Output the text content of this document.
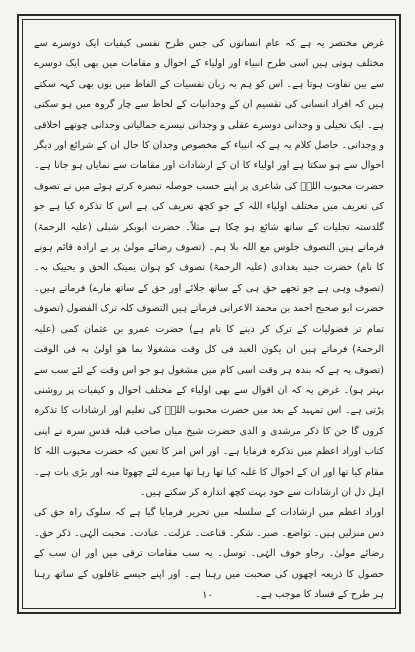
غرض مختصر یہ ہے کہ عام انسانوں کی جس طرح نفسی کیفیات ایک دوسرے سے مختلف ہوتی ہیں اسی طرح انبیاء اور اولیاء کے احوال و مقامات میں بھی ایک دوسرے سے بین تفاوت ہوتا ہے۔ اس کو ہم بہ زبان نفسیات کے الفاظ میں یوں بھی کہہ سکتے ہیں کہ افراد انسانی کی تقسیم ان کے وجدانیات کے لحاظ سے چار گروہ میں ہو سکتی ہے۔ ایک تخیلی و وجدانی دوسرے عقلی و وجدانی تیسرے جمالیاتی وجدانی چوتھے اخلاقی و وجدانی۔ حاصل کلام یہ ہے کہ انبیاء کے مخصوص وجدان کا حال ان کے شرائع اور دیگر احوال سے ہو سکتا ہے اور اولیاء کا ان کے ارشادات اور مقامات سے نمایاں ہو جاتا ہے۔ حضرت محبوب اللہؒ کی شاعری پر اپنے حسب حوصلہ تبصرہ کرتے ہوئے میں نے تصوف کی تعریف میں مختلف اولیاء اللہ کے جو کچھ تعریف کی ہے اس کا تذکرہ کیا ہے جو گلدستہ تجلیات کے ساتھ شائع ہو چکا ہے مثلاً۔ حضرت ابوبکر شبلی (علیہ الرحمۃ) فرماتے ہیں التصوف جلوس مع اللہ بلا ہم۔ (تصوف رضائے مولیٰ پر بے ارادہ قائم ہونے کا نام) حضرت جنید بغدادی (علیہ الرحمۃ) تصوف کو ہوان یمیتک الحق و یحییک بہ۔ (تصوف وہی ہے جو تجھے حق ہی کے ساتھ جلائے اور حق کے ساتھ مارے) فرماتے ہیں۔ حضرت ابو صحیح احمد بن محمد الاعرابی فرماتے ہیں التصوف کلہ ترک الفضول (تصوف تمام تر فضولیات کے ترک کر دینے کا نام ہے) حضرت عمرو بن عثمان کمی (علیہ الرحمۃ) فرماتے ہیں ان یکون العبد فی کل وقت مشغولا بما ھو اولیٰ بہ فی الوقت (تصوف یہ ہے کہ بندہ ہر وقت اسی کام میں مشغول ہو جو اس وقت کے لئے سب سے بہتر ہو)۔ غرض یہ کہ ان اقوال سے بھی اولیاء کے مختلف احوال و کیفیات پر روشنی پڑتی ہے۔ اس تمہید کے بعد میں حضرت محبوب اللہؒ کی تعلیم اور ارشادات کا تذکرہ کروں گا جن کا ذکر مرشدی و الدی حضرت شیخ میاں صاحب قبلہ قدس سرہ نے اپنی کتاب اوراد اعظم میں تذکرہ فرمایا ہے۔ اور اس امر کا تعین کہ حضرت محبوب اللہ کا مقام کیا تھا اور ان کے احوال کا غلبہ کیا تھا رہا تھا میرے لئے چھوٹا منہ اور بڑی بات ہے۔ اہل دل ان ارشادات سے خود بہت کچھ اندازہ کر سکتے ہیں۔

اوراد اعظم میں ارشادات کے سلسلہ میں تحریر فرمایا گیا ہے کہ سلوک راہ حق کی دس منزلیں ہیں۔ تواضع۔ صبر۔ شکر۔ قناعت۔ عزلت۔ عبادت۔ محبت الہٰی۔ ذکر حق۔ رضائے مولیٰ۔ رجاو خوف الہٰی۔ توسل۔ یہ سب مقامات ترقی میں اور ان سب کے حصول کا ذریعہ اچھوں کی صحبت میں رہنا ہے۔ اور اپنے جیسے غافلوں کے ساتھ رہنا ہر طرح کے فساد کا موجب ہے۔

۱۰
